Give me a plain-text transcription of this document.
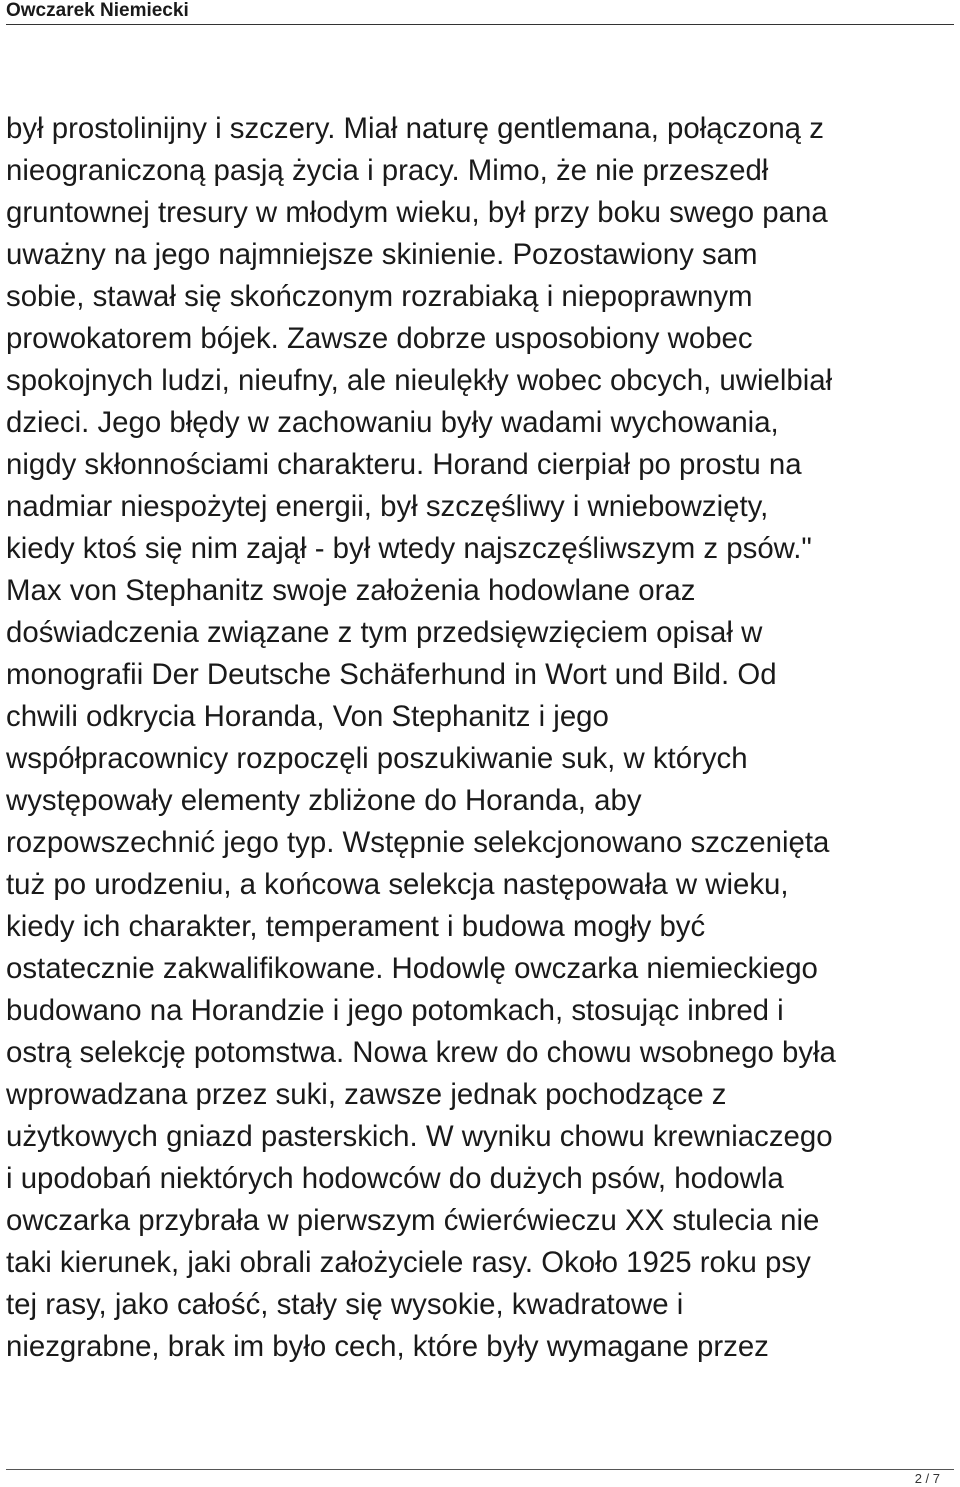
Owczarek Niemiecki
był prostolinijny i szczery. Miał naturę gentlemana, połączoną z
nieograniczoną pasją życia i pracy. Mimo, że nie przeszedł
gruntownej tresury w młodym wieku, był przy boku swego pana
uważny na jego najmniejsze skinienie. Pozostawiony sam
sobie, stawał się skończonym rozrabiaką i niepoprawnym
prowokatorem bójek. Zawsze dobrze usposobiony wobec
spokojnych ludzi, nieufny, ale nieulękły wobec obcych, uwielbiał
dzieci. Jego błędy w zachowaniu były wadami wychowania,
nigdy skłonnościami charakteru. Horand cierpiał po prostu na
nadmiar niespożytej energii, był szczęśliwy i wniebowzięty,
kiedy ktoś się nim zajął - był wtedy najszczęśliwszym z psów."
Max von Stephanitz swoje założenia hodowlane oraz
doświadczenia związane z tym przedsięwzięciem opisał w
monografii Der Deutsche Schäferhund in Wort und Bild. Od
chwili odkrycia Horanda, Von Stephanitz i jego
współpracownicy rozpoczęli poszukiwanie suk, w których
występowały elementy zbliżone do Horanda, aby
rozpowszechnić jego typ. Wstępnie selekcjonowano szczenięta
tuż po urodzeniu, a końcowa selekcja następowała w wieku,
kiedy ich charakter, temperament i budowa mogły być
ostatecznie zakwalifikowane. Hodowlę owczarka niemieckiego
budowano na Horandzie i jego potomkach, stosując inbred i
ostrą selekcję potomstwa. Nowa krew do chowu wsobnego była
wprowadzana przez suki, zawsze jednak pochodzące z
użytkowych gniazd pasterskich. W wyniku chowu krewniaczego
i upodobań niektórych hodowców do dużych psów, hodowla
owczarka przybrała w pierwszym ćwierćwieczu XX stulecia nie
taki kierunek, jaki obrali założyciele rasy. Około 1925 roku psy
tej rasy, jako całość, stały się wysokie, kwadratowe i
niezgrabne, brak im było cech, które były wymagane przez
2 / 7
